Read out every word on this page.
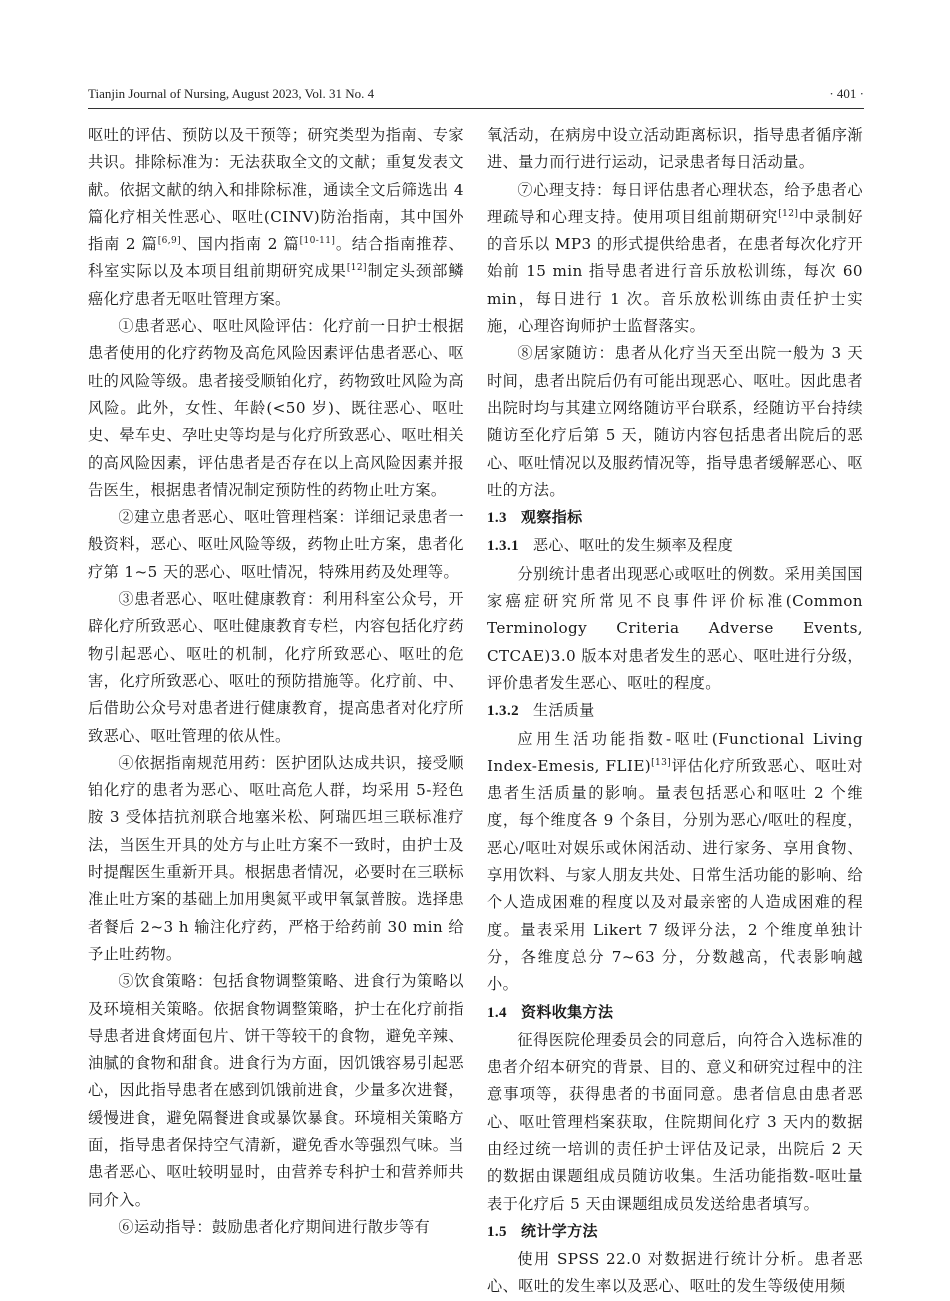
Tianjin Journal of Nursing, August 2023, Vol. 31 No. 4	· 401 ·

呕吐的评估、预防以及干预等；研究类型为指南、专家共识。排除标准为：无法获取全文的文献；重复发表文献。依据文献的纳入和排除标准，通读全文后筛选出 4 篇化疗相关性恶心、呕吐(CINV)防治指南，其中国外指南 2 篇[6,9]、国内指南 2 篇[10-11]。结合指南推荐、科室实际以及本项目组前期研究成果[12]制定头颈部鳞癌化疗患者无呕吐管理方案。

①患者恶心、呕吐风险评估：化疗前一日护士根据患者使用的化疗药物及高危风险因素评估患者恶心、呕吐的风险等级。患者接受顺铂化疗，药物致吐风险为高风险。此外，女性、年龄(<50 岁)、既往恶心、呕吐史、晕车史、孕吐史等均是与化疗所致恶心、呕吐相关的高风险因素，评估患者是否存在以上高风险因素并报告医生，根据患者情况制定预防性的药物止吐方案。

②建立患者恶心、呕吐管理档案：详细记录患者一般资料，恶心、呕吐风险等级，药物止吐方案，患者化疗第 1~5 天的恶心、呕吐情况，特殊用药及处理等。

③患者恶心、呕吐健康教育：利用科室公众号，开辟化疗所致恶心、呕吐健康教育专栏，内容包括化疗药物引起恶心、呕吐的机制，化疗所致恶心、呕吐的危害，化疗所致恶心、呕吐的预防措施等。化疗前、中、后借助公众号对患者进行健康教育，提高患者对化疗所致恶心、呕吐管理的依从性。

④依据指南规范用药：医护团队达成共识，接受顺铂化疗的患者为恶心、呕吐高危人群，均采用 5-羟色胺 3 受体拮抗剂联合地塞米松、阿瑞匹坦三联标准疗法，当医生开具的处方与止吐方案不一致时，由护士及时提醒医生重新开具。根据患者情况，必要时在三联标准止吐方案的基础上加用奥氮平或甲氧氯普胺。选择患者餐后 2~3 h 输注化疗药，严格于给药前 30 min 给予止吐药物。

⑤饮食策略：包括食物调整策略、进食行为策略以及环境相关策略。依据食物调整策略，护士在化疗前指导患者进食烤面包片、饼干等较干的食物，避免辛辣、油腻的食物和甜食。进食行为方面，因饥饿容易引起恶心，因此指导患者在感到饥饿前进食，少量多次进餐，缓慢进食，避免隔餐进食或暴饮暴食。环境相关策略方面，指导患者保持空气清新，避免香水等强烈气味。当患者恶心、呕吐较明显时，由营养专科护士和营养师共同介入。

⑥运动指导：鼓励患者化疗期间进行散步等有

氧活动，在病房中设立活动距离标识，指导患者循序渐进、量力而行进行运动，记录患者每日活动量。

⑦心理支持：每日评估患者心理状态，给予患者心理疏导和心理支持。使用项目组前期研究[12]中录制好的音乐以 MP3 的形式提供给患者，在患者每次化疗开始前 15 min 指导患者进行音乐放松训练，每次 60 min，每日进行 1 次。音乐放松训练由责任护士实施，心理咨询师护士监督落实。

⑧居家随访：患者从化疗当天至出院一般为 3 天时间，患者出院后仍有可能出现恶心、呕吐。因此患者出院时均与其建立网络随访平台联系，经随访平台持续随访至化疗后第 5 天，随访内容包括患者出院后的恶心、呕吐情况以及服药情况等，指导患者缓解恶心、呕吐的方法。

1.3 观察指标
1.3.1 恶心、呕吐的发生频率及程度

分别统计患者出现恶心或呕吐的例数。采用美国国家癌症研究所常见不良事件评价标准(Common Terminology Criteria Adverse Events, CTCAE)3.0 版本对患者发生的恶心、呕吐进行分级，评价患者发生恶心、呕吐的程度。

1.3.2 生活质量

应用生活功能指数-呕吐(Functional Living Index-Emesis, FLIE)[13]评估化疗所致恶心、呕吐对患者生活质量的影响。量表包括恶心和呕吐 2 个维度，每个维度各 9 个条目，分别为恶心/呕吐的程度，恶心/呕吐对娱乐或休闲活动、进行家务、享用食物、享用饮料、与家人朋友共处、日常生活功能的影响、给个人造成困难的程度以及对最亲密的人造成困难的程度。量表采用 Likert 7 级评分法，2 个维度单独计分，各维度总分 7~63 分，分数越高，代表影响越小。

1.4 资料收集方法

征得医院伦理委员会的同意后，向符合入选标准的患者介绍本研究的背景、目的、意义和研究过程中的注意事项等，获得患者的书面同意。患者信息由患者恶心、呕吐管理档案获取，住院期间化疗 3 天内的数据由经过统一培训的责任护士评估及记录，出院后 2 天的数据由课题组成员随访收集。生活功能指数-呕吐量表于化疗后 5 天由课题组成员发送给患者填写。

1.5 统计学方法

使用 SPSS 22.0 对数据进行统计分析。患者恶心、呕吐的发生率以及恶心、呕吐的发生等级使用频
